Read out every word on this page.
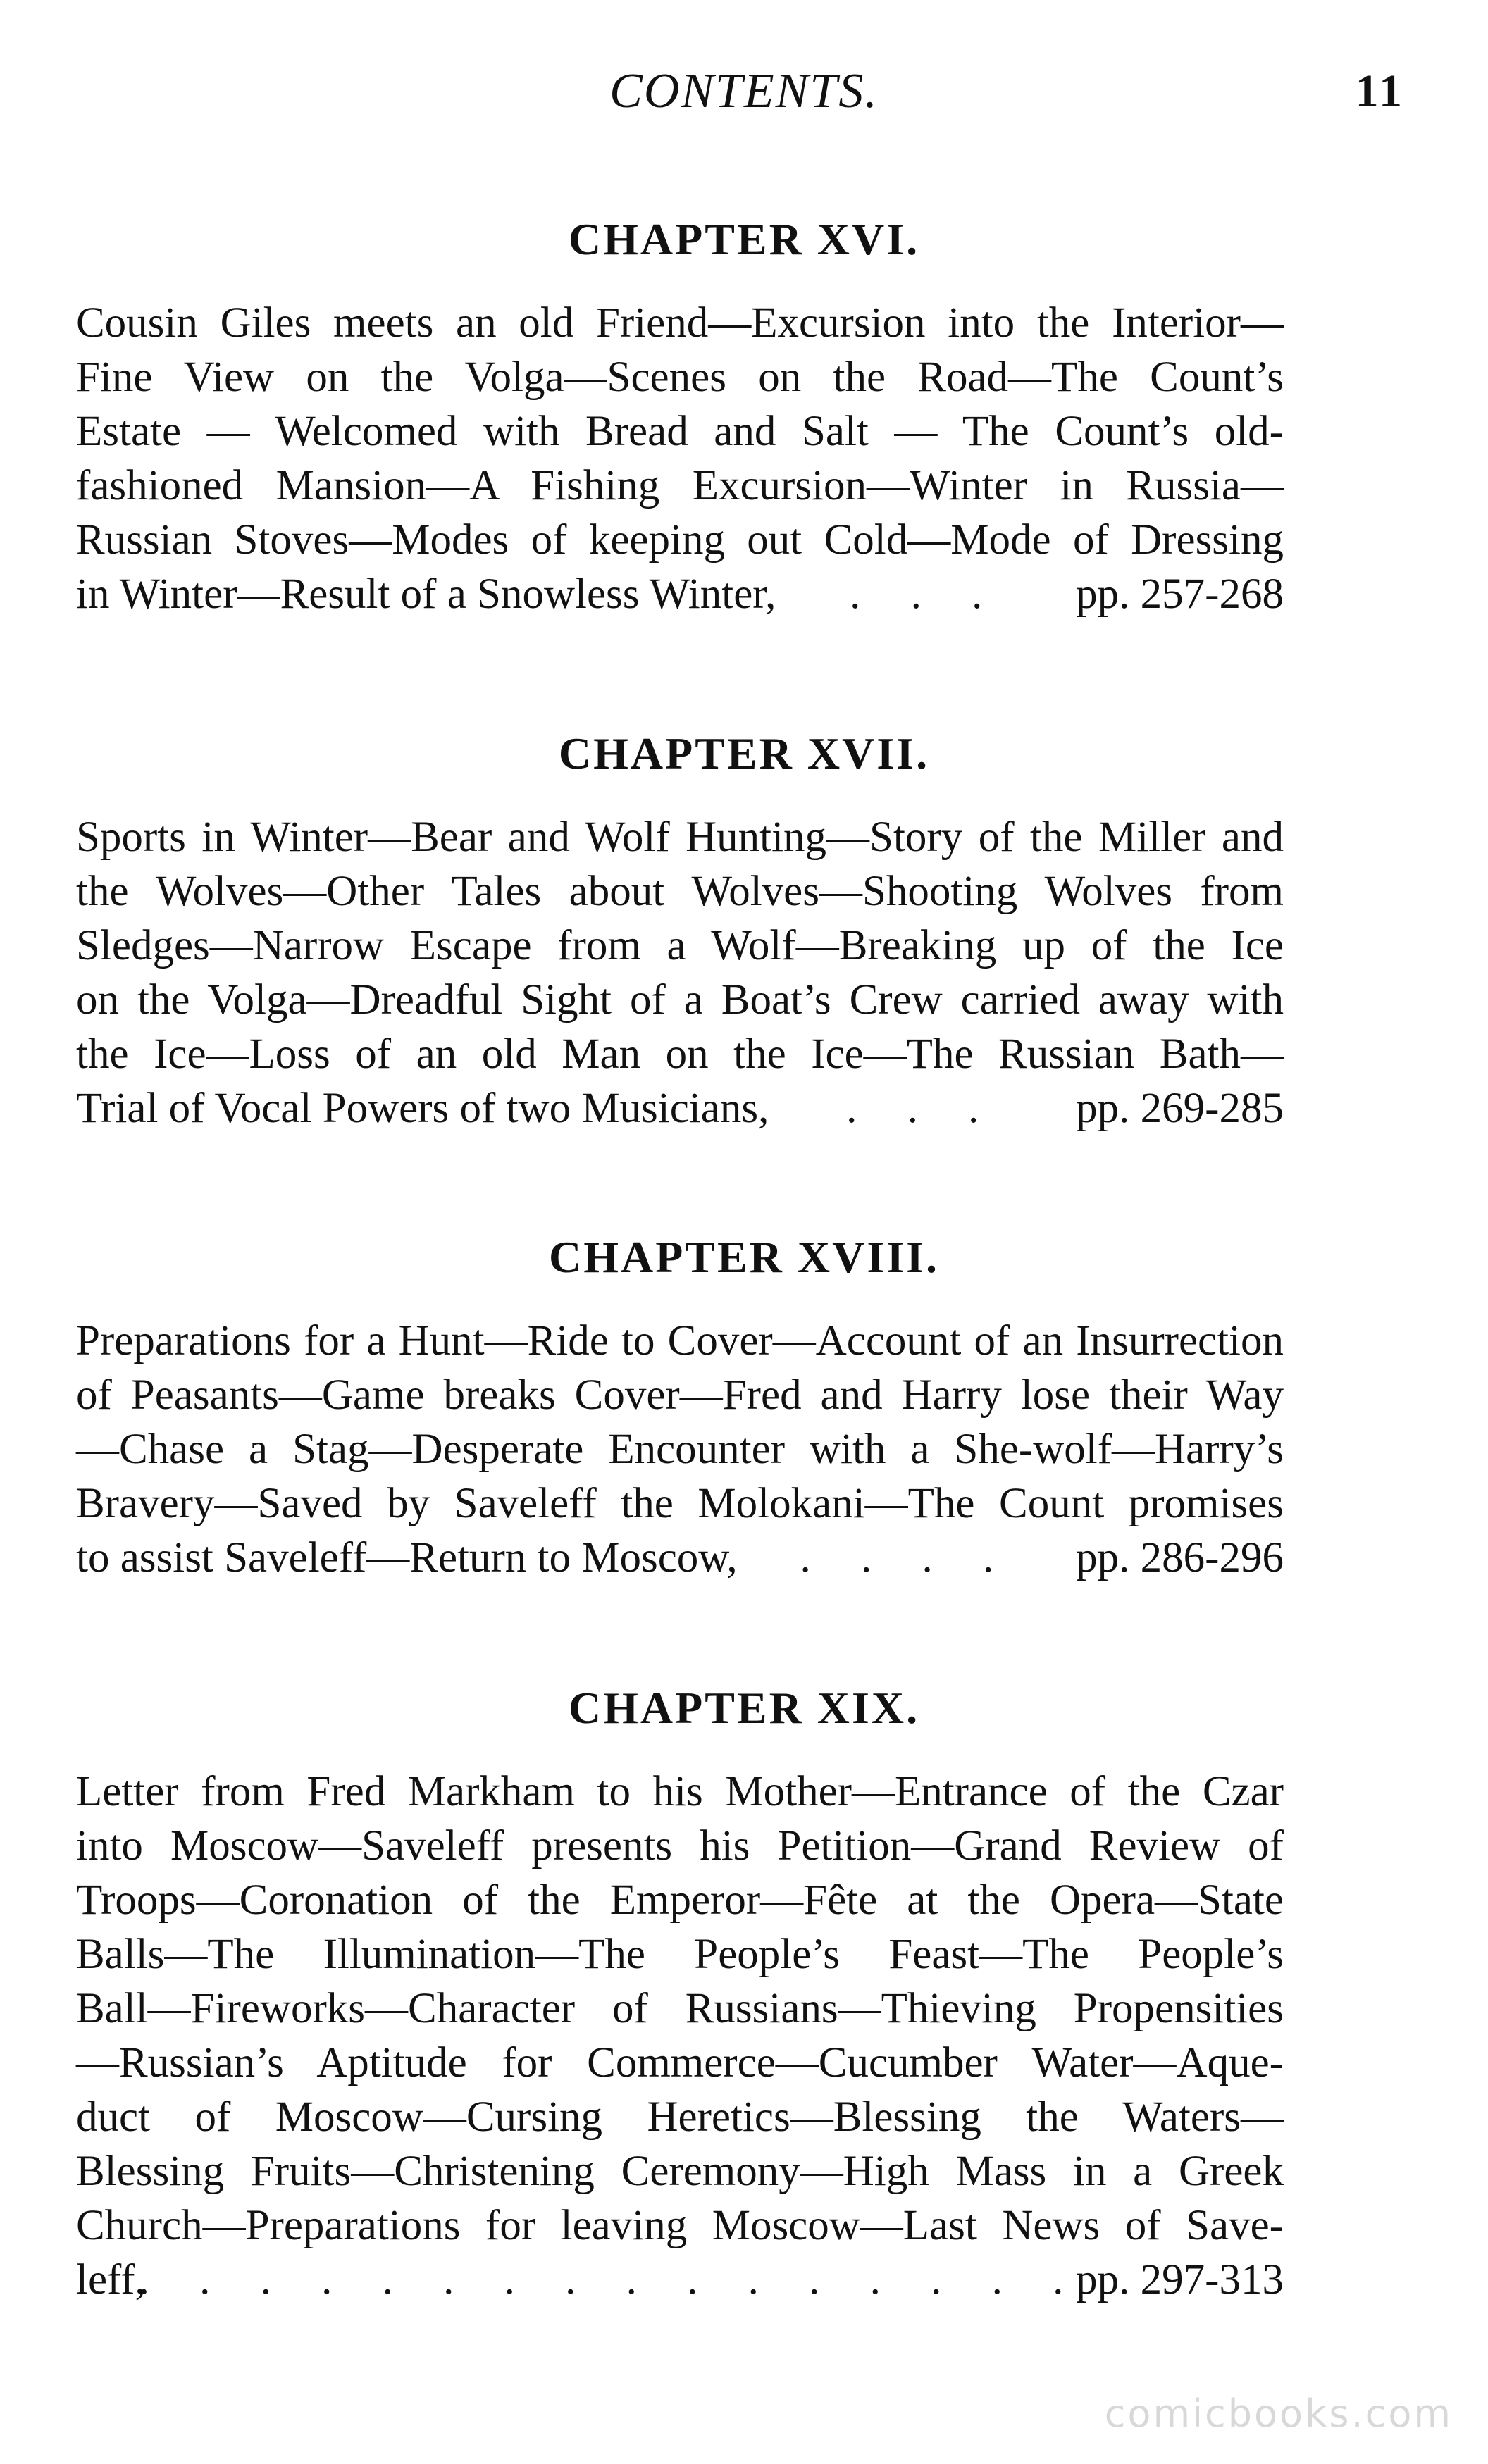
CONTENTS.	11
CHAPTER XVI.
Cousin Giles meets an old Friend—Excursion into the Interior—
Fine View on the Volga—Scenes on the Road—The Count’s
Estate — Welcomed with Bread and Salt — The Count’s old-
fashioned Mansion—A Fishing Excursion—Winter in Russia—
Russian Stoves—Modes of keeping out Cold—Mode of Dressing
in Winter—Result of a Snowless Winter, . . . pp. 257-268
CHAPTER XVII.
Sports in Winter—Bear and Wolf Hunting—Story of the Miller and
the Wolves—Other Tales about Wolves—Shooting Wolves from
Sledges—Narrow Escape from a Wolf—Breaking up of the Ice
on the Volga—Dreadful Sight of a Boat’s Crew carried away with
the Ice—Loss of an old Man on the Ice—The Russian Bath—
Trial of Vocal Powers of two Musicians, . . . pp. 269-285
CHAPTER XVIII.
Preparations for a Hunt—Ride to Cover—Account of an Insurrection
of Peasants—Game breaks Cover—Fred and Harry lose their Way
—Chase a Stag—Desperate Encounter with a She-wolf—Harry’s
Bravery—Saved by Saveleff the Molokani—The Count promises
to assist Saveleff—Return to Moscow, . . . . pp. 286-296
CHAPTER XIX.
Letter from Fred Markham to his Mother—Entrance of the Czar
into Moscow—Saveleff presents his Petition—Grand Review of
Troops—Coronation of the Emperor—Fête at the Opera—State
Balls—The Illumination—The People’s Feast—The People’s
Ball—Fireworks—Character of Russians—Thieving Propensities
—Russian’s Aptitude for Commerce—Cucumber Water—Aque-
duct of Moscow—Cursing Heretics—Blessing the Waters—
Blessing Fruits—Christening Ceremony—High Mass in a Greek
Church—Preparations for leaving Moscow—Last News of Save-
leff,
. . . . . . . . . . . . . . . .
pp. 297-313
comicbooks.com
